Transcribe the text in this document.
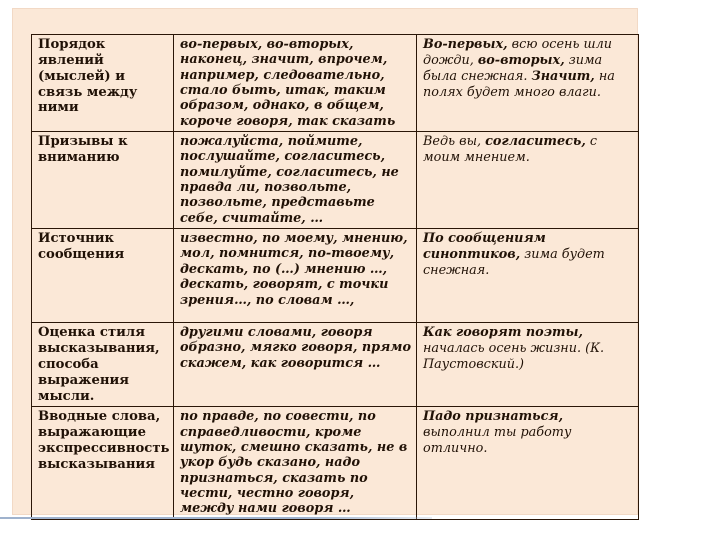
Порядок явлений (мыслей) и связь между ними	во-первых, во-вторых, наконец, значит, впрочем, например, следовательно, стало быть, итак, таким образом, однако, в общем, короче говоря, так сказать	Во-первых, всю осень шли дожди, во-вторых, зима была снежная. Значит, на полях будет много влаги.
Призывы к вниманию	пожалуйста, поймите, послушайте, согласитесь, помилуйте, согласитесь, не правда ли, позвольте, позвольте, представьте себе, считайте, …	Ведь вы, согласитесь, с моим мнением.
Источник сообщения	известно, по моему, мнению, мол, помнится, по-твоему, дескать, по (…) мнению …, дескать, говорят, с точки зрения…, по словам …,	По сообщениям синоптиков, зима будет снежная.
Оценка стиля высказывания, способа выражения мысли.	другими словами, говоря образно, мягко говоря, прямо скажем, как говорится …	Как говорят поэты, началась осень жизни. (К. Паустовский.)
Вводные слова, выражающие экспрессивность высказывания	по правде, по совести, по справедливости, кроме шуток, смешно сказать, не в укор будь сказано, надо признаться, сказать по чести, честно говоря, между нами говоря …	Падо признаться, выполнил ты работу отлично.
